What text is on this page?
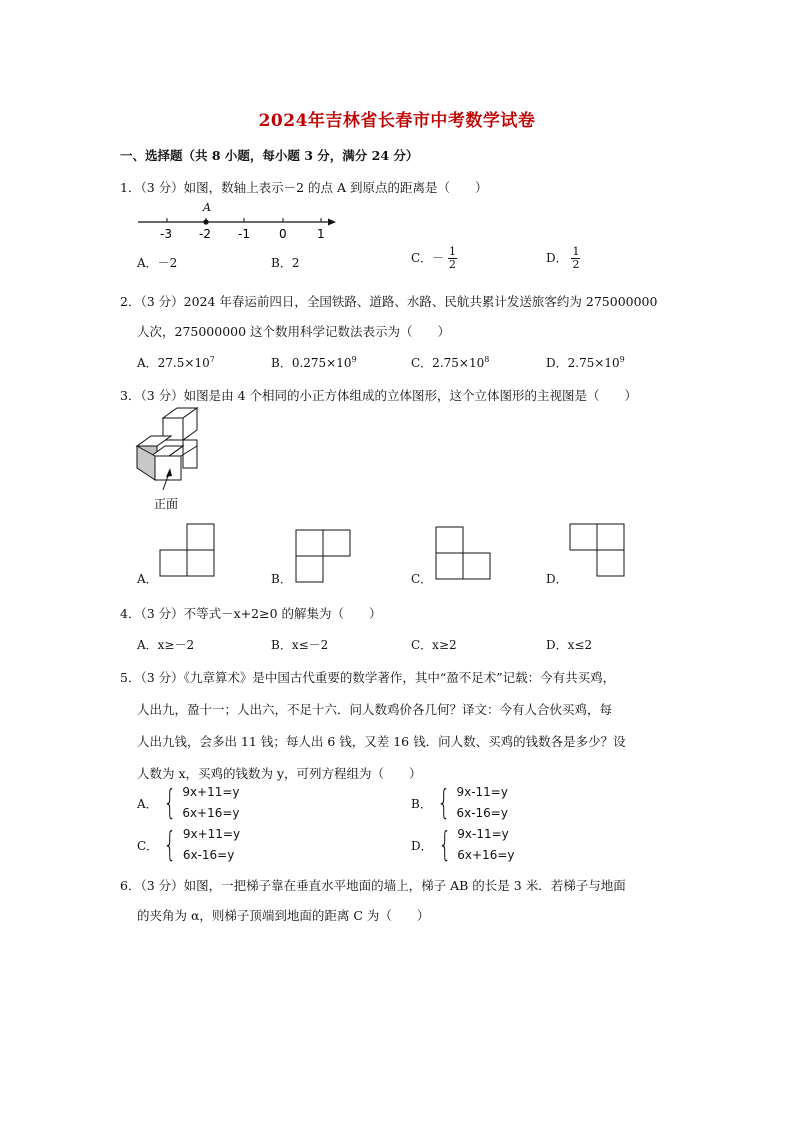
2024年吉林省长春市中考数学试卷
一、选择题（共 8 小题，每小题 3 分，满分 24 分）
1．（3 分）如图，数轴上表示－2 的点 A 到原点的距离是（　　）
A
-3 -2 -1 0	1
A．－2	B．2	C．－ $\frac{1}{2}$	D． $\frac{1}{2}$
2．（3 分）2024 年春运前四日，全国铁路、道路、水路、民航共累计发送旅客约为 275000000
人次，275000000 这个数用科学记数法表示为（　　）
A．$27.5\times 10^7$	B．$0.275\times 10^9$	C．$2.75\times 10^8$	D．$2.75\times 10^9$
3．（3 分）如图是由 4 个相同的小正方体组成的立体图形，这个立体图形的主视图是（　　）
正面
A．	B．	C．	D．
4．（3 分）不等式－x+2≥0 的解集为（　　）
A．x≥－2	B．x≤－2	C．x≥2	D．x≤2
5．（3 分）《九章算术》是中国古代重要的数学著作，其中“盈不足术”记载：今有共买鸡，
人出九，盈十一；人出六，不足十六．问人数鸡价各几何？译文：今有人合伙买鸡，每
人出九钱，会多出 11 钱；每人出 6 钱，又差 16 钱．问人数、买鸡的钱数各是多少？设
人数为 x，买鸡的钱数为 y，可列方程组为（　　）
A． { 9x+11=y
6x+16=y
B． { 9x-11=y
6x-16=y
C． { 9x+11=y
6x-16=y
D． { 9x-11=y
6x+16=y
6．（3 分）如图，一把梯子靠在垂直水平地面的墙上，梯子 AB 的长是 3 米．若梯子与地面
的夹角为 α，则梯子顶端到地面的距离 C 为（　　）
